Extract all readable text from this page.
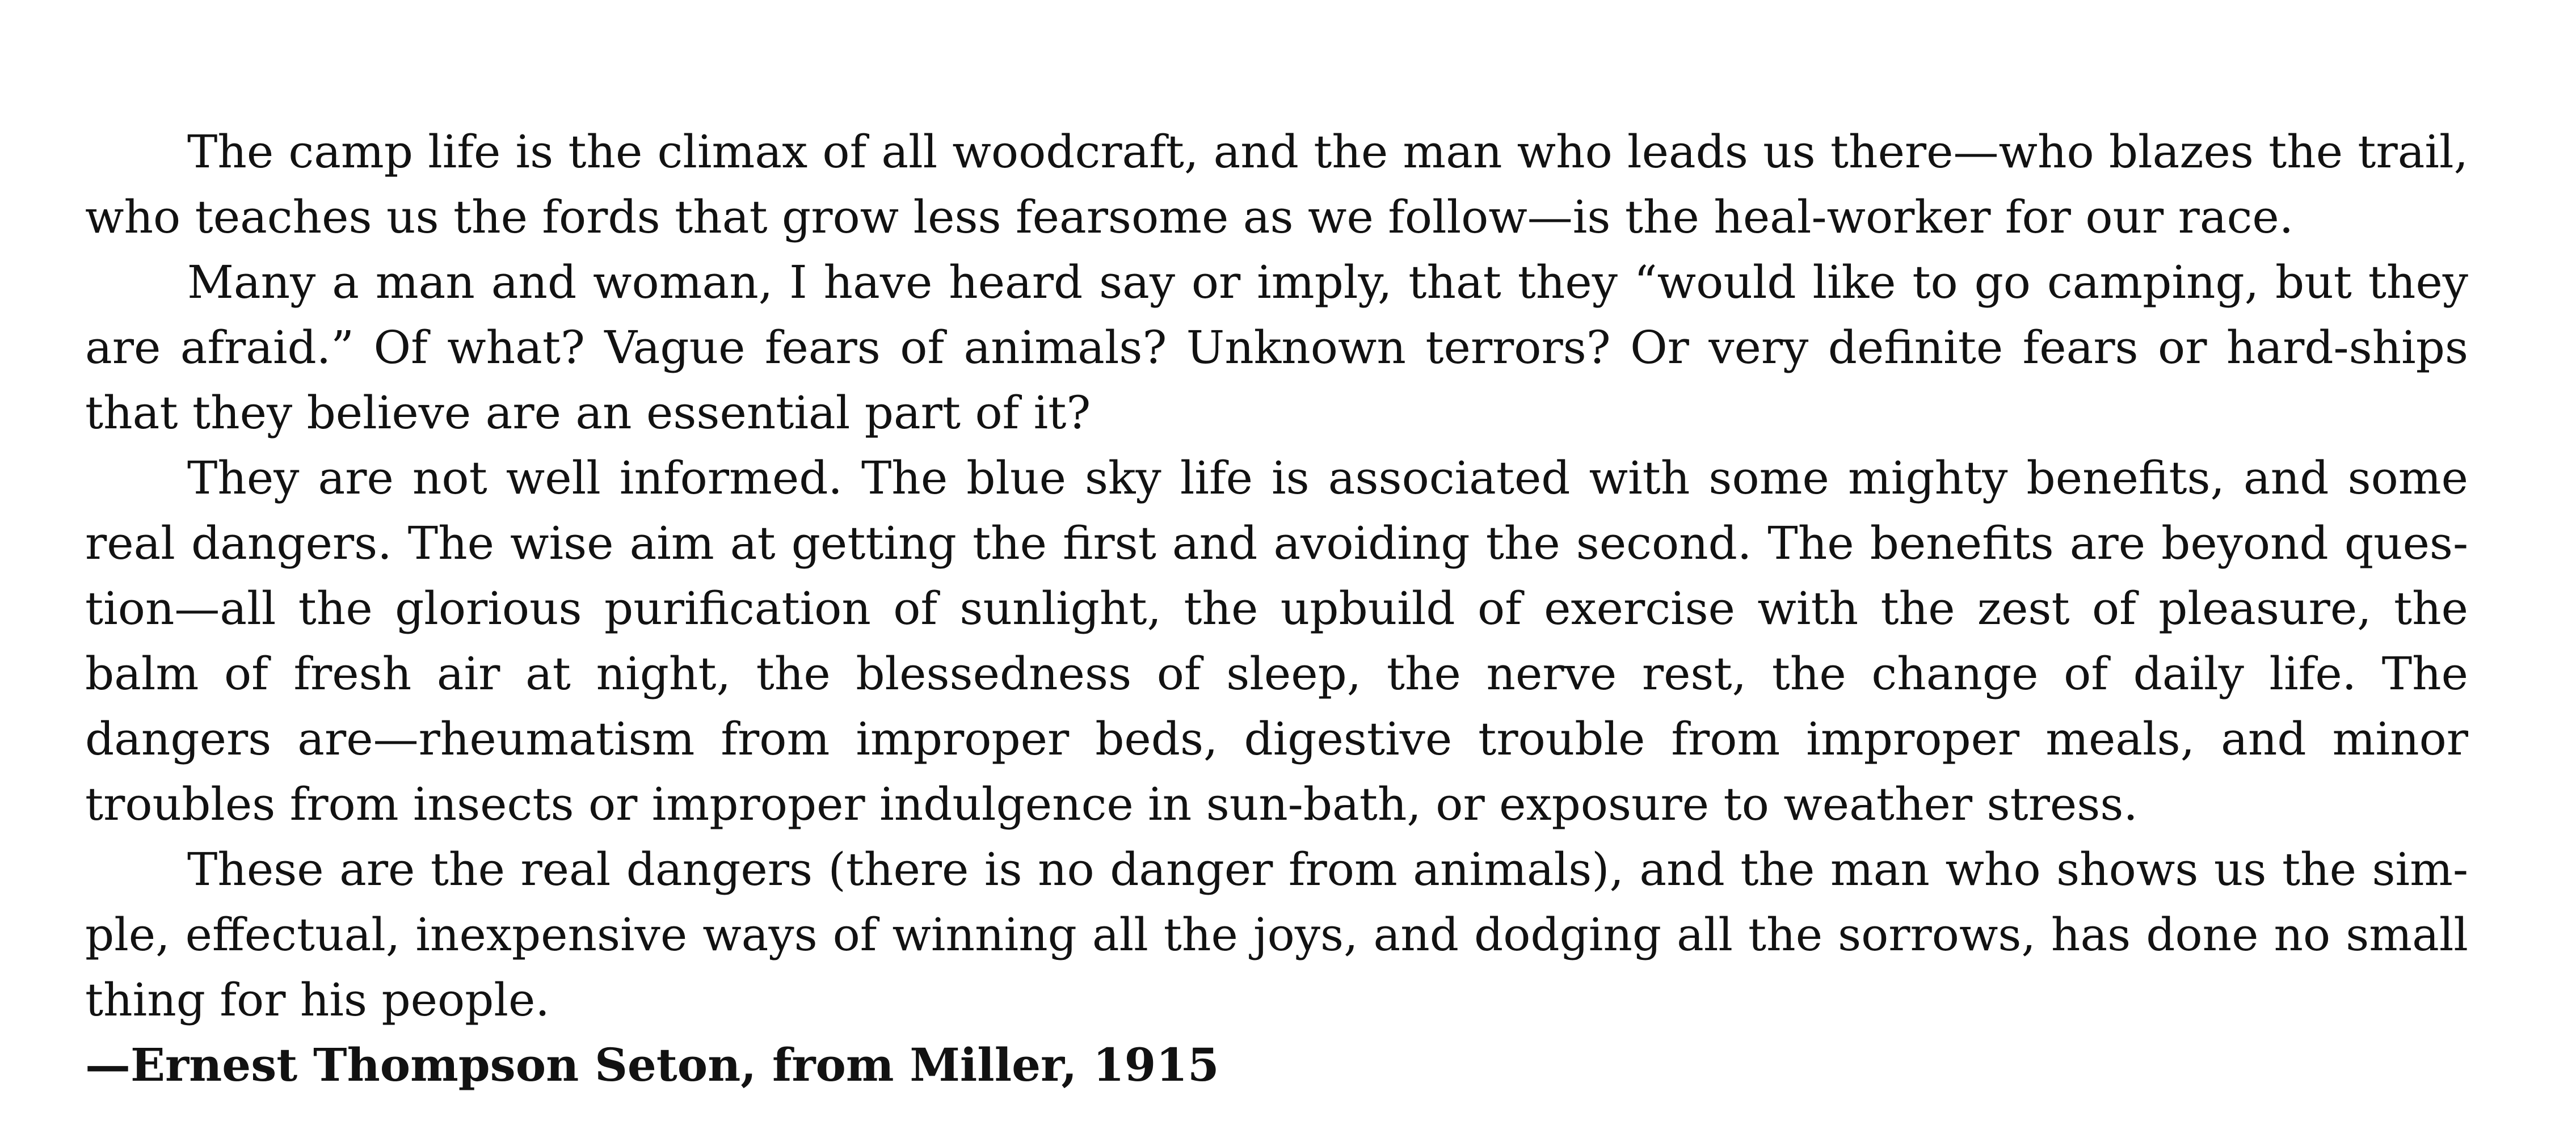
The camp life is the climax of all woodcraft, and the man who leads us there—who blazes the trail, who teaches us the fords that grow less fearsome as we follow—is the heal-worker for our race.

Many a man and woman, I have heard say or imply, that they “would like to go camping, but they are afraid.” Of what? Vague fears of animals? Unknown terrors? Or very definite fears or hard-ships that they believe are an essential part of it?

They are not well informed. The blue sky life is associated with some mighty benefits, and some real dangers. The wise aim at getting the first and avoiding the second. The benefits are beyond ques-tion—all the glorious purification of sunlight, the upbuild of exercise with the zest of pleasure, the balm of fresh air at night, the blessedness of sleep, the nerve rest, the change of daily life. The dangers are—rheumatism from improper beds, digestive trouble from improper meals, and minor troubles from insects or improper indulgence in sun-bath, or exposure to weather stress.

These are the real dangers (there is no danger from animals), and the man who shows us the sim-ple, effectual, inexpensive ways of winning all the joys, and dodging all the sorrows, has done no small thing for his people.

—Ernest Thompson Seton, from Miller, 1915
